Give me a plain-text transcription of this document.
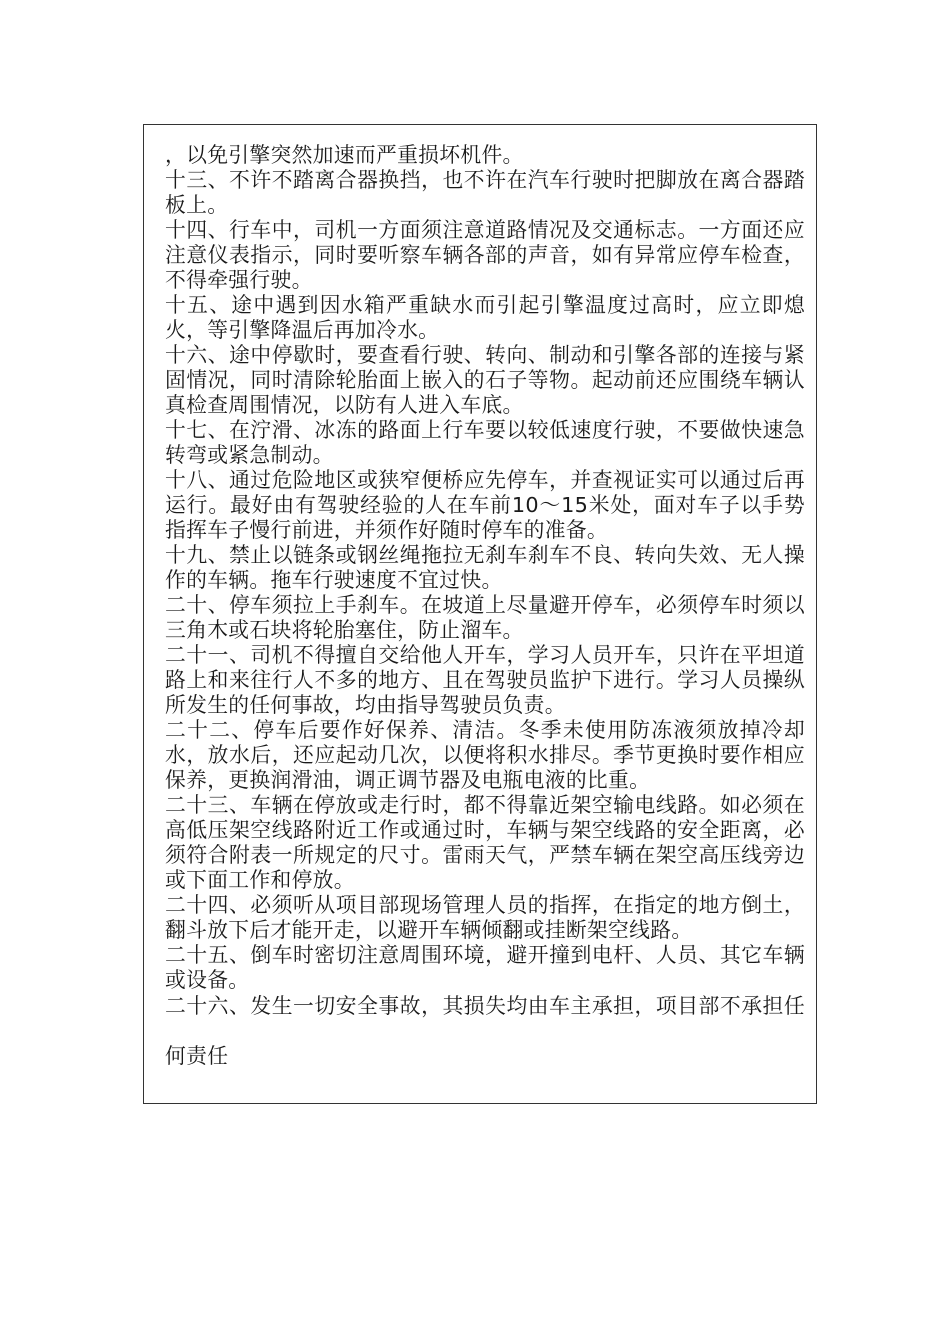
，以免引擎突然加速而严重损坏机件。

十三、不许不踏离合器换挡，也不许在汽车行驶时把脚放在离合器踏板上。

十四、行车中，司机一方面须注意道路情况及交通标志。一方面还应注意仪表指示，同时要听察车辆各部的声音，如有异常应停车检查，不得牵强行驶。

十五、途中遇到因水箱严重缺水而引起引擎温度过高时，应立即熄火，等引擎降温后再加冷水。

十六、途中停歇时，要查看行驶、转向、制动和引擎各部的连接与紧固情况，同时清除轮胎面上嵌入的石子等物。起动前还应围绕车辆认真检查周围情况，以防有人进入车底。

十七、在泞滑、冰冻的路面上行车要以较低速度行驶，不要做快速急转弯或紧急制动。

十八、通过危险地区或狭窄便桥应先停车，并查视证实可以通过后再运行。最好由有驾驶经验的人在车前10～15米处，面对车子以手势指挥车子慢行前进，并须作好随时停车的准备。

十九、禁止以链条或钢丝绳拖拉无刹车刹车不良、转向失效、无人操作的车辆。拖车行驶速度不宜过快。

二十、停车须拉上手刹车。在坡道上尽量避开停车，必须停车时须以三角木或石块将轮胎塞住，防止溜车。

二十一、司机不得擅自交给他人开车，学习人员开车，只许在平坦道路上和来往行人不多的地方、且在驾驶员监护下进行。学习人员操纵所发生的任何事故，均由指导驾驶员负责。

二十二、停车后要作好保养、清洁。冬季未使用防冻液须放掉冷却水，放水后，还应起动几次，以便将积水排尽。季节更换时要作相应保养，更换润滑油，调正调节器及电瓶电液的比重。

二十三、车辆在停放或走行时，都不得靠近架空输电线路。如必须在高低压架空线路附近工作或通过时，车辆与架空线路的安全距离，必须符合附表一所规定的尺寸。雷雨天气，严禁车辆在架空高压线旁边或下面工作和停放。

二十四、必须听从项目部现场管理人员的指挥，在指定的地方倒土，翻斗放下后才能开走，以避开车辆倾翻或挂断架空线路。

二十五、倒车时密切注意周围环境，避开撞到电杆、人员、其它车辆或设备。

二十六、发生一切安全事故，其损失均由车主承担，项目部不承担任何责任
